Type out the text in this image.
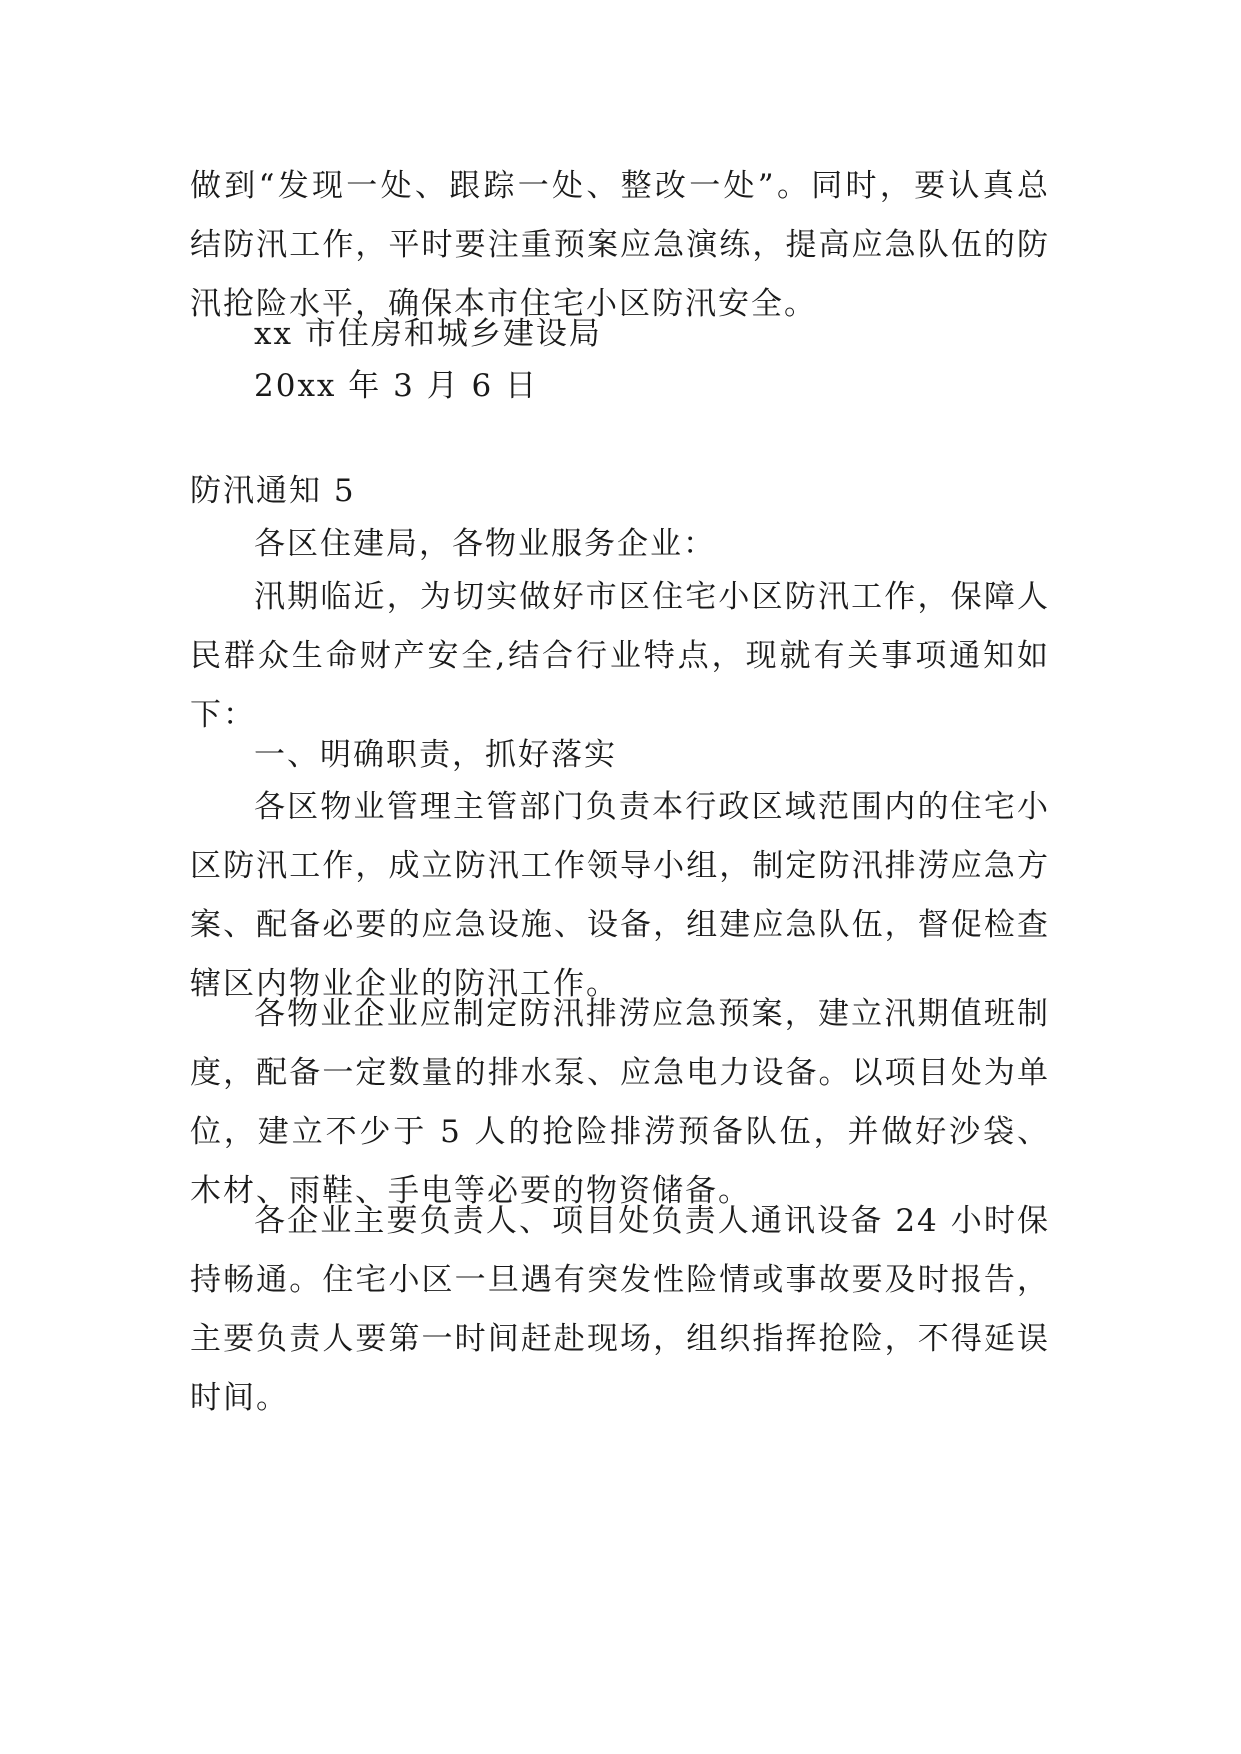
做到“发现一处、跟踪一处、整改一处”。同时，要认真总结防汛工作，平时要注重预案应急演练，提高应急队伍的防汛抢险水平，确保本市住宅小区防汛安全。

xx 市住房和城乡建设局

20xx 年 3 月 6 日

防汛通知 5

各区住建局，各物业服务企业：

汛期临近，为切实做好市区住宅小区防汛工作，保障人民群众生命财产安全,结合行业特点，现就有关事项通知如下：

一、明确职责，抓好落实

各区物业管理主管部门负责本行政区域范围内的住宅小区防汛工作，成立防汛工作领导小组，制定防汛排涝应急方案、配备必要的应急设施、设备，组建应急队伍，督促检查辖区内物业企业的防汛工作。

各物业企业应制定防汛排涝应急预案，建立汛期值班制度，配备一定数量的排水泵、应急电力设备。以项目处为单位，建立不少于 5 人的抢险排涝预备队伍，并做好沙袋、木材、雨鞋、手电等必要的物资储备。

各企业主要负责人、项目处负责人通讯设备 24 小时保持畅通。住宅小区一旦遇有突发性险情或事故要及时报告，主要负责人要第一时间赶赴现场，组织指挥抢险，不得延误时间。
